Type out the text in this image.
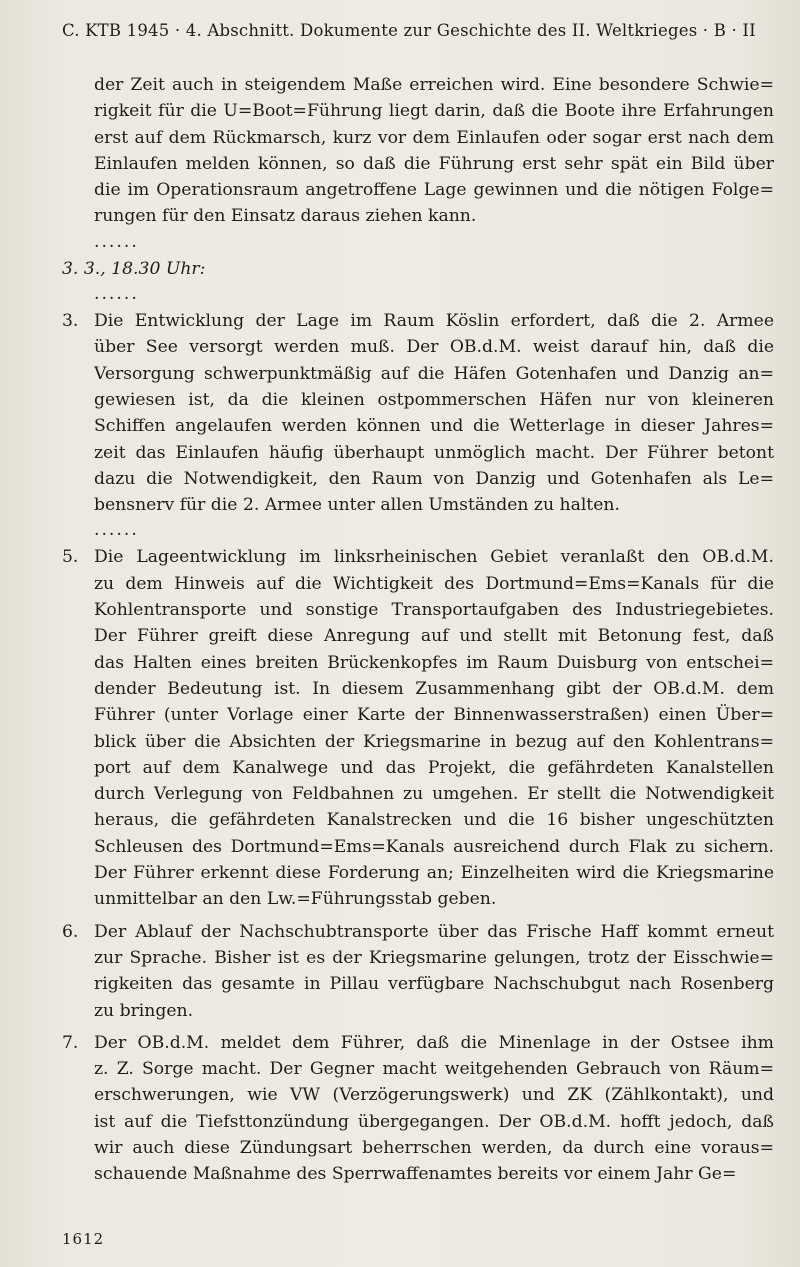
C. KTB 1945 · 4. Abschnitt. Dokumente zur Geschichte des II. Weltkrieges · B · II
der Zeit auch in steigendem Maße erreichen wird. Eine besondere Schwie=
rigkeit für die U=Boot=Führung liegt darin, daß die Boote ihre Erfahrungen
erst auf dem Rückmarsch, kurz vor dem Einlaufen oder sogar erst nach dem
Einlaufen melden können, so daß die Führung erst sehr spät ein Bild über
die im Operationsraum angetroffene Lage gewinnen und die nötigen Folge=
rungen für den Einsatz daraus ziehen kann.
......
3. 3., 18.30 Uhr:
......
3. Die Entwicklung der Lage im Raum Köslin erfordert, daß die 2. Armee
über See versorgt werden muß. Der OB.d.M. weist darauf hin, daß die
Versorgung schwerpunktmäßig auf die Häfen Gotenhafen und Danzig an=
gewiesen ist, da die kleinen ostpommerschen Häfen nur von kleineren
Schiffen angelaufen werden können und die Wetterlage in dieser Jahres=
zeit das Einlaufen häufig überhaupt unmöglich macht. Der Führer betont
dazu die Notwendigkeit, den Raum von Danzig und Gotenhafen als Le=
bensnerv für die 2. Armee unter allen Umständen zu halten.
......
5. Die Lageentwicklung im linksrheinischen Gebiet veranlaßt den OB.d.M.
zu dem Hinweis auf die Wichtigkeit des Dortmund=Ems=Kanals für die
Kohlentransporte und sonstige Transportaufgaben des Industriegebietes.
Der Führer greift diese Anregung auf und stellt mit Betonung fest, daß
das Halten eines breiten Brückenkopfes im Raum Duisburg von entschei=
dender Bedeutung ist. In diesem Zusammenhang gibt der OB.d.M. dem
Führer (unter Vorlage einer Karte der Binnenwasserstraßen) einen Über=
blick über die Absichten der Kriegsmarine in bezug auf den Kohlentrans=
port auf dem Kanalwege und das Projekt, die gefährdeten Kanalstellen
durch Verlegung von Feldbahnen zu umgehen. Er stellt die Notwendigkeit
heraus, die gefährdeten Kanalstrecken und die 16 bisher ungeschützten
Schleusen des Dortmund=Ems=Kanals ausreichend durch Flak zu sichern.
Der Führer erkennt diese Forderung an; Einzelheiten wird die Kriegsmarine
unmittelbar an den Lw.=Führungsstab geben.
6. Der Ablauf der Nachschubtransporte über das Frische Haff kommt erneut
zur Sprache. Bisher ist es der Kriegsmarine gelungen, trotz der Eisschwie=
rigkeiten das gesamte in Pillau verfügbare Nachschubgut nach Rosenberg
zu bringen.
7. Der OB.d.M. meldet dem Führer, daß die Minenlage in der Ostsee ihm
z. Z. Sorge macht. Der Gegner macht weitgehenden Gebrauch von Räum=
erschwerungen, wie VW (Verzögerungswerk) und ZK (Zählkontakt), und
ist auf die Tiefsttonzündung übergegangen. Der OB.d.M. hofft jedoch, daß
wir auch diese Zündungsart beherrschen werden, da durch eine voraus=
schauende Maßnahme des Sperrwaffenamtes bereits vor einem Jahr Ge=
1612
